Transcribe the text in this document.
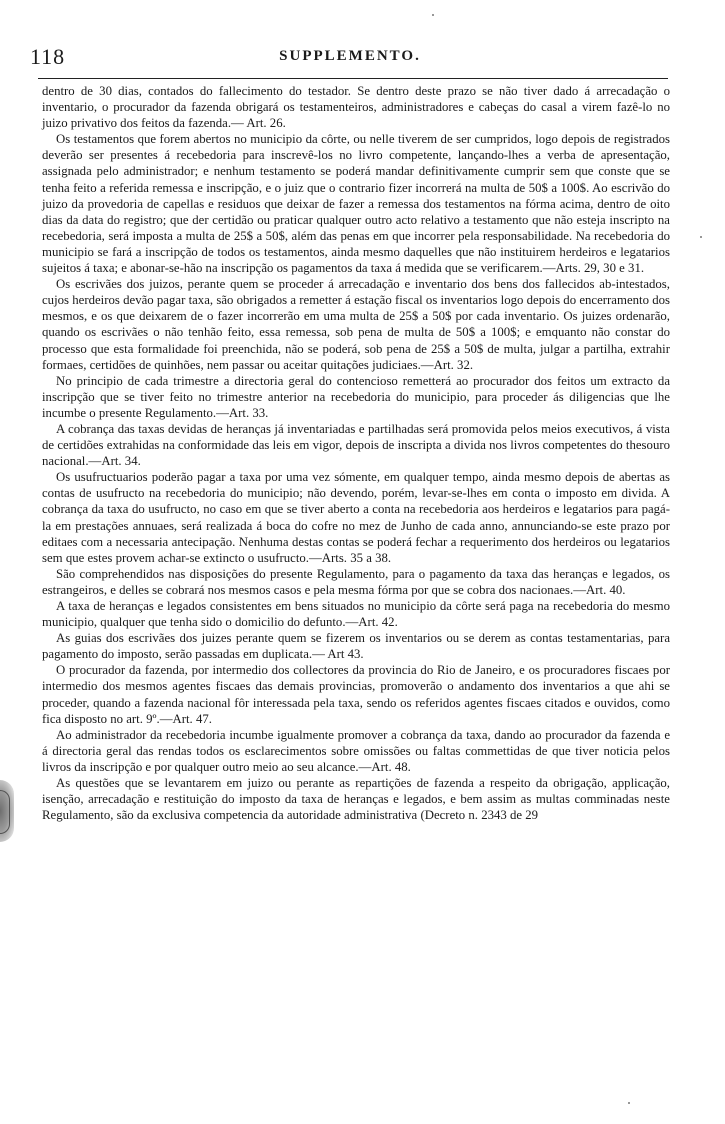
118	SUPPLEMENTO.

dentro de 30 dias, contados do fallecimento do testador. Se dentro deste prazo se não tiver dado á arrecadação o inventario, o procurador da fazenda obrigará os testamenteiros, administradores e cabeças do casal a virem fazê-lo no juizo privativo dos feitos da fazenda.— Art. 26.

Os testamentos que forem abertos no municipio da côrte, ou nelle tiverem de ser cumpridos, logo depois de registrados deverão ser presentes á recebedoria para inscrevê-los no livro competente, lançando-lhes a verba de apresentação, assignada pelo administrador; e nenhum testamento se poderá mandar definitivamente cumprir sem que conste que se tenha feito a referida remessa e inscripção, e o juiz que o contrario fizer incorrerá na multa de 50$ a 100$. Ao escrivão do juizo da provedoria de capellas e residuos que deixar de fazer a remessa dos testamentos na fórma acima, dentro de oito dias da data do registro; que der certidão ou praticar qualquer outro acto relativo a testamento que não esteja inscripto na recebedoria, será imposta a multa de 25$ a 50$, além das penas em que incorrer pela responsabilidade. Na recebedoria do municipio se fará a inscripção de todos os testamentos, ainda mesmo daquelles que não instituirem herdeiros e legatarios sujeitos á taxa; e abonar-se-hão na inscripção os pagamentos da taxa á medida que se verificarem.—Arts. 29, 30 e 31.

Os escrivães dos juizos, perante quem se proceder á arrecadação e inventario dos bens dos fallecidos ab-intestados, cujos herdeiros devão pagar taxa, são obrigados a remetter á estação fiscal os inventarios logo depois do encerramento dos mesmos, e os que deixarem de o fazer incorrerão em uma multa de 25$ a 50$ por cada inventario. Os juizes ordenarão, quando os escrivães o não tenhão feito, essa remessa, sob pena de multa de 50$ a 100$; e emquanto não constar do processo que esta formalidade foi preenchida, não se poderá, sob pena de 25$ a 50$ de multa, julgar a partilha, extrahir formaes, certidões de quinhões, nem passar ou aceitar quitações judiciaes.—Art. 32.

No principio de cada trimestre a directoria geral do contencioso remetterá ao procurador dos feitos um extracto da inscripção que se tiver feito no trimestre anterior na recebedoria do municipio, para proceder ás diligencias que lhe incumbe o presente Regulamento.—Art. 33.

A cobrança das taxas devidas de heranças já inventariadas e partilhadas será promovida pelos meios executivos, á vista de certidões extrahidas na conformidade das leis em vigor, depois de inscripta a divida nos livros competentes do thesouro nacional.—Art. 34.

Os usufructuarios poderão pagar a taxa por uma vez sómente, em qualquer tempo, ainda mesmo depois de abertas as contas de usufructo na recebedoria do municipio; não devendo, porém, levar-se-lhes em conta o imposto em divida. A cobrança da taxa do usufructo, no caso em que se tiver aberto a conta na recebedoria aos herdeiros e legatarios para pagá-la em prestações annuaes, será realizada á boca do cofre no mez de Junho de cada anno, annunciando-se este prazo por editaes com a necessaria antecipação. Nenhuma destas contas se poderá fechar a requerimento dos herdeiros ou legatarios sem que estes provem achar-se extincto o usufructo.—Arts. 35 a 38.

São comprehendidos nas disposições do presente Regulamento, para o pagamento da taxa das heranças e legados, os estrangeiros, e delles se cobrará nos mesmos casos e pela mesma fórma por que se cobra dos nacionaes.—Art. 40.

A taxa de heranças e legados consistentes em bens situados no municipio da côrte será paga na recebedoria do mesmo municipio, qualquer que tenha sido o domicilio do defunto.—Art. 42.

As guias dos escrivães dos juizes perante quem se fizerem os inventarios ou se derem as contas testamentarias, para pagamento do imposto, serão passadas em duplicata.— Art 43.

O procurador da fazenda, por intermedio dos collectores da provincia do Rio de Janeiro, e os procuradores fiscaes por intermedio dos mesmos agentes fiscaes das demais provincias, promoverão o andamento dos inventarios a que ahi se proceder, quando a fazenda nacional fôr interessada pela taxa, sendo os referidos agentes fiscaes citados e ouvidos, como fica disposto no art. 9º.—Art. 47.

Ao administrador da recebedoria incumbe igualmente promover a cobrança da taxa, dando ao procurador da fazenda e á directoria geral das rendas todos os esclarecimentos sobre omissões ou faltas commettidas de que tiver noticia pelos livros da inscripção e por qualquer outro meio ao seu alcance.—Art. 48.

As questões que se levantarem em juizo ou perante as repartições de fazenda a respeito da obrigação, applicação, isenção, arrecadação e restituição do imposto da taxa de heranças e legados, e bem assim as multas comminadas neste Regulamento, são da exclusiva competencia da autoridade administrativa (Decreto n. 2343 de 29
